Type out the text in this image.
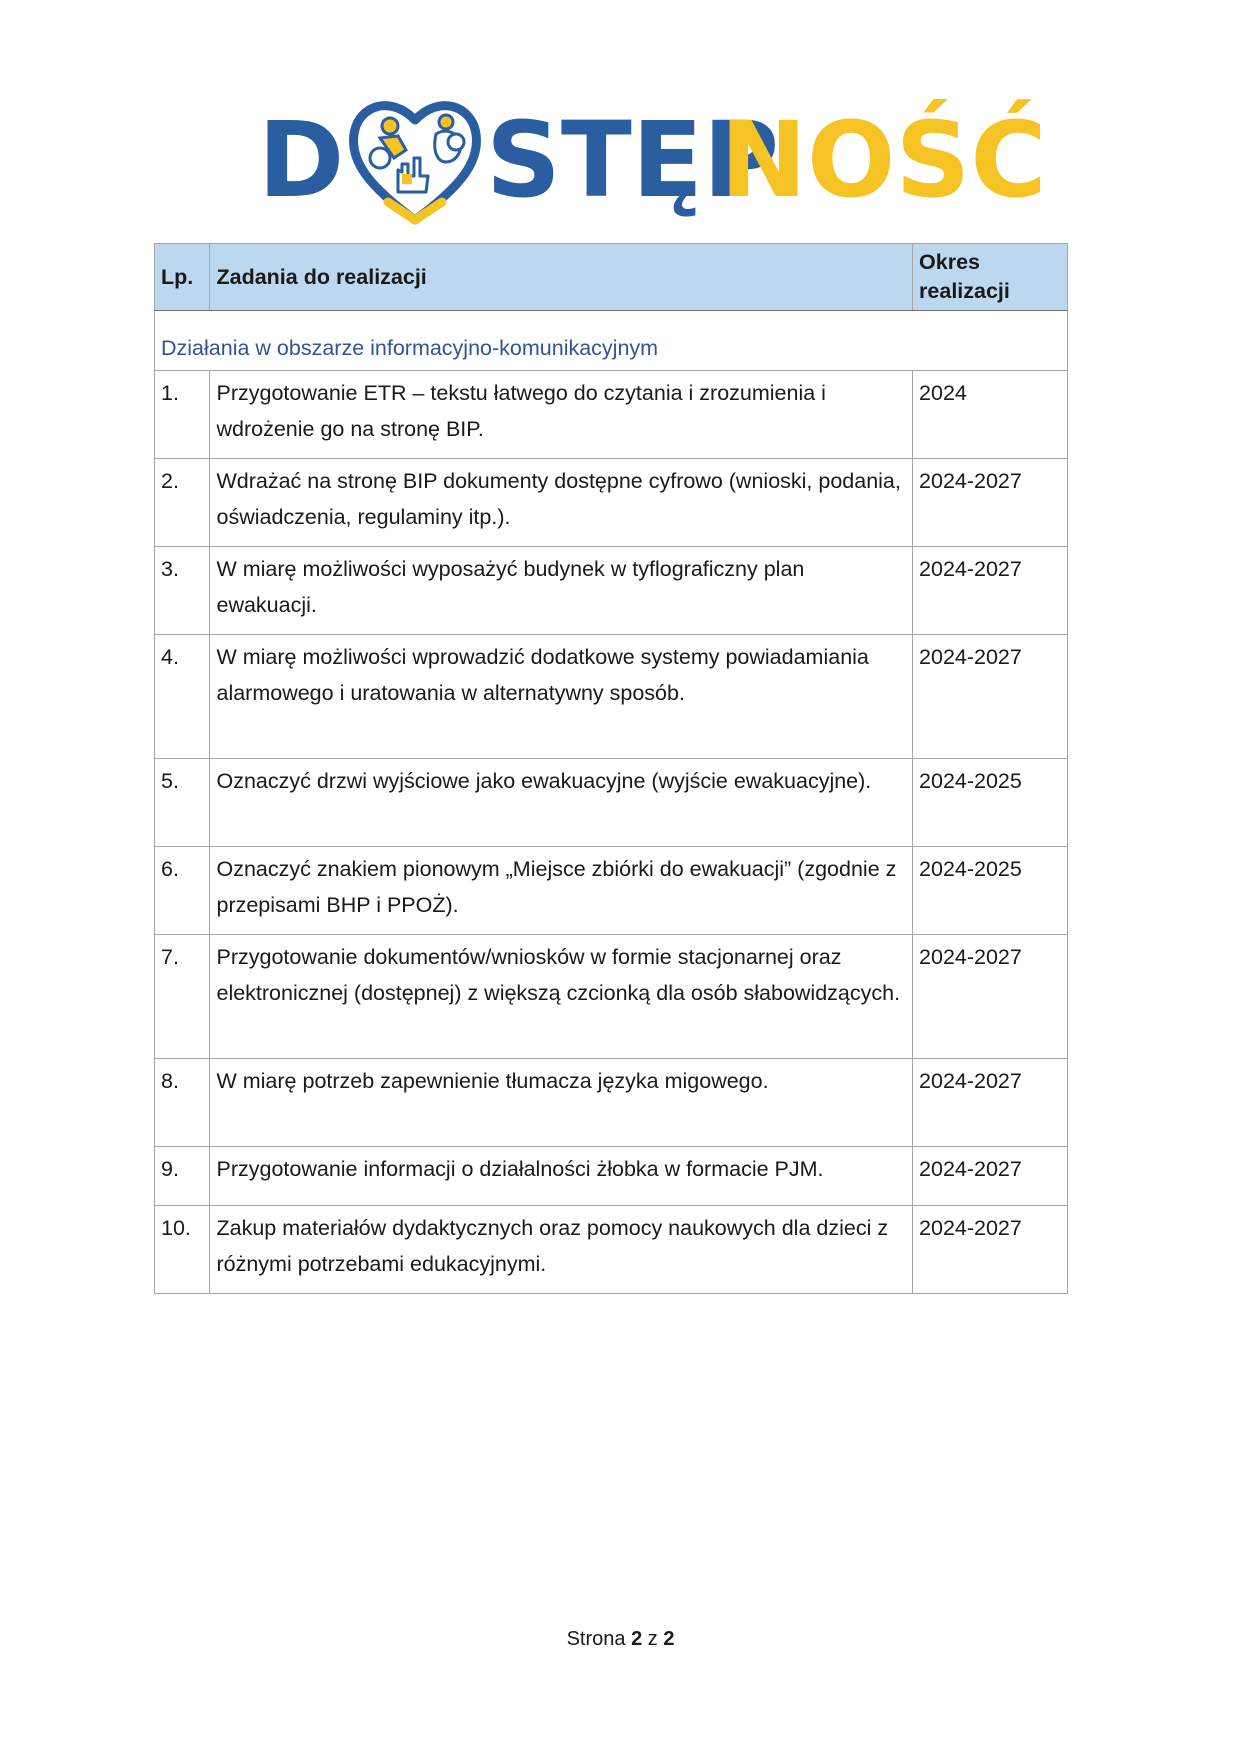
D STĘP
NOŚĆ
Lp.	Zadania do realizacji	Okres
realizacji
Działania w obszarze informacyjno-komunikacyjnym		
1.	Przygotowanie ETR – tekstu łatwego do czytania i zrozumienia i wdrożenie go na stronę BIP.	2024
2.	Wdrażać na stronę BIP dokumenty dostępne cyfrowo (wnioski, podania, oświadczenia, regulaminy itp.).	2024-2027
3.	W miarę możliwości wyposażyć budynek w tyflograficzny plan ewakuacji.	2024-2027
4.	W miarę możliwości wprowadzić dodatkowe systemy powiadamiania alarmowego i uratowania w alternatywny sposób.	2024-2027
5.	Oznaczyć drzwi wyjściowe jako ewakuacyjne (wyjście ewakuacyjne).	2024-2025
6.	Oznaczyć znakiem pionowym „Miejsce zbiórki do ewakuacji” (zgodnie z przepisami BHP i PPOŻ).	2024-2025
7.	Przygotowanie dokumentów/wniosków w formie stacjonarnej oraz elektronicznej (dostępnej) z większą czcionką dla osób słabowidzących.	2024-2027
8.	W miarę potrzeb zapewnienie tłumacza języka migowego.	2024-2027
9.	Przygotowanie informacji o działalności żłobka w formacie PJM.	2024-2027
10.	Zakup materiałów dydaktycznych oraz pomocy naukowych dla dzieci z różnymi potrzebami edukacyjnymi.	2024-2027
Strona 2 z 2
